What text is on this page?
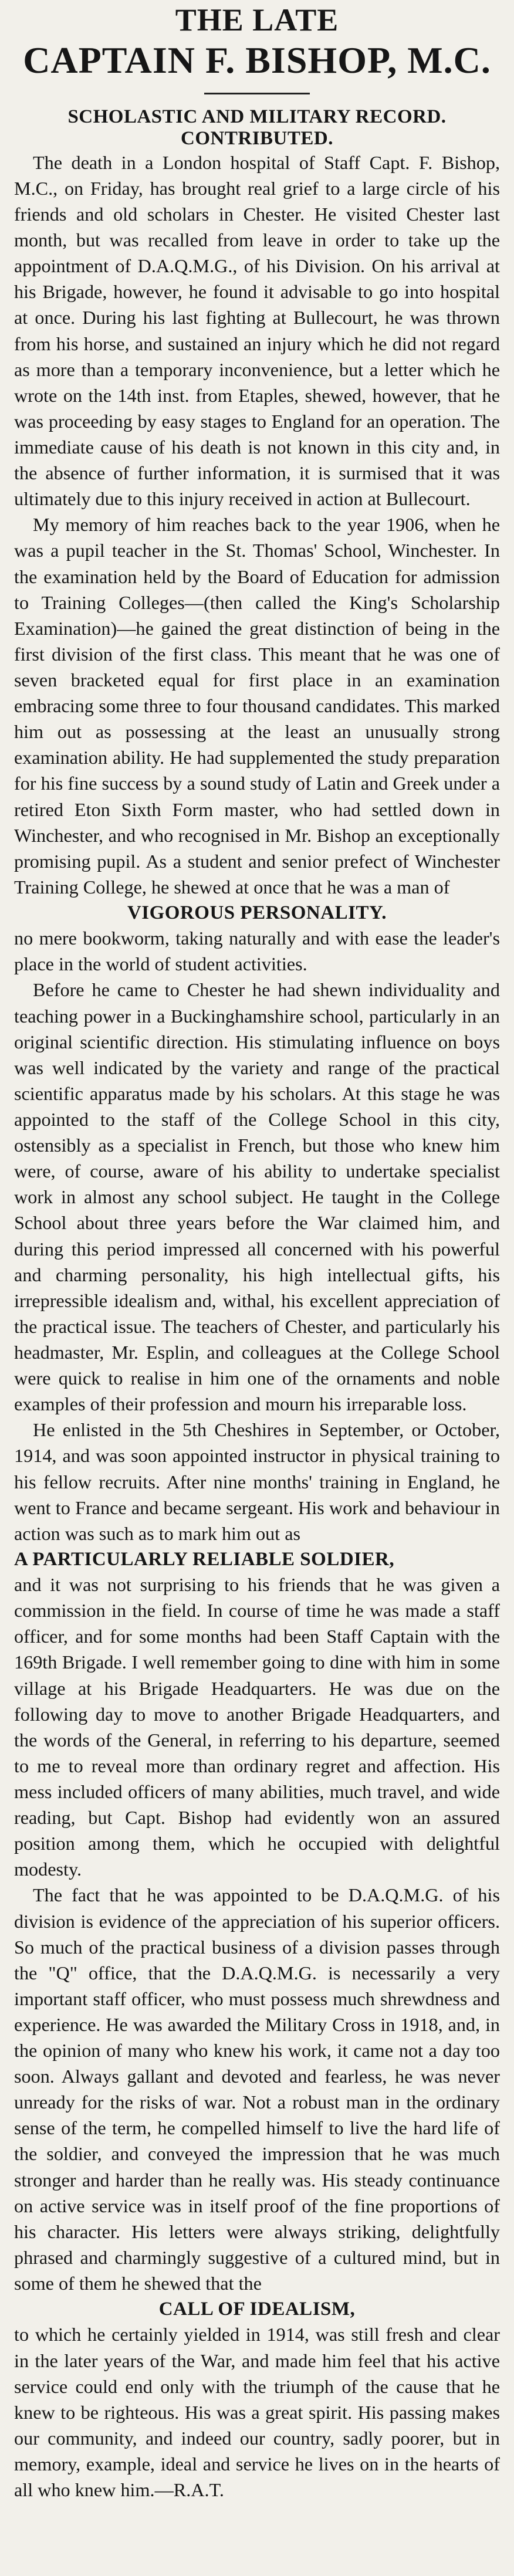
THE LATE
CAPTAIN F. BISHOP, M.C.
SCHOLASTIC AND MILITARY RECORD.
CONTRIBUTED.

The death in a London hospital of Staff Capt. F. Bishop, M.C., on Friday, has brought real grief to a large circle of his friends and old scholars in Chester. He visited Chester last month, but was recalled from leave in order to take up the appointment of D.A.Q.M.G., of his Division. On his arrival at his Brigade, however, he found it advisable to go into hospital at once. During his last fighting at Bullecourt, he was thrown from his horse, and sustained an injury which he did not regard as more than a temporary inconvenience, but a letter which he wrote on the 14th inst. from Etaples, shewed, however, that he was proceeding by easy stages to England for an operation. The immediate cause of his death is not known in this city and, in the absence of further information, it is surmised that it was ultimately due to this injury received in action at Bullecourt.

My memory of him reaches back to the year 1906, when he was a pupil teacher in the St. Thomas' School, Winchester. In the examination held by the Board of Education for admission to Training Colleges—(then called the King's Scholarship Examination)—he gained the great distinction of being in the first division of the first class. This meant that he was one of seven bracketed equal for first place in an examination embracing some three to four thousand candidates. This marked him out as possessing at the least an unusually strong examination ability. He had supplemented the study preparation for his fine success by a sound study of Latin and Greek under a retired Eton Sixth Form master, who had settled down in Winchester, and who recognised in Mr. Bishop an exceptionally promising pupil. As a student and senior prefect of Winchester Training College, he shewed at once that he was a man of

VIGOROUS PERSONALITY.

no mere bookworm, taking naturally and with ease the leader's place in the world of student activities.

Before he came to Chester he had shewn individuality and teaching power in a Buckinghamshire school, particularly in an original scientific direction. His stimulating influence on boys was well indicated by the variety and range of the practical scientific apparatus made by his scholars. At this stage he was appointed to the staff of the College School in this city, ostensibly as a specialist in French, but those who knew him were, of course, aware of his ability to undertake specialist work in almost any school subject. He taught in the College School about three years before the War claimed him, and during this period impressed all concerned with his powerful and charming personality, his high intellectual gifts, his irrepressible idealism and, withal, his excellent appreciation of the practical issue. The teachers of Chester, and particularly his headmaster, Mr. Esplin, and colleagues at the College School were quick to realise in him one of the ornaments and noble examples of their profession and mourn his irreparable loss.

He enlisted in the 5th Cheshires in September, or October, 1914, and was soon appointed instructor in physical training to his fellow recruits. After nine months' training in England, he went to France and became sergeant. His work and behaviour in action was such as to mark him out as

A PARTICULARLY RELIABLE SOLDIER,

and it was not surprising to his friends that he was given a commission in the field. In course of time he was made a staff officer, and for some months had been Staff Captain with the 169th Brigade. I well remember going to dine with him in some village at his Brigade Headquarters. He was due on the following day to move to another Brigade Headquarters, and the words of the General, in referring to his departure, seemed to me to reveal more than ordinary regret and affection. His mess included officers of many abilities, much travel, and wide reading, but Capt. Bishop had evidently won an assured position among them, which he occupied with delightful modesty.

The fact that he was appointed to be D.A.Q.M.G. of his division is evidence of the appreciation of his superior officers. So much of the practical business of a division passes through the "Q" office, that the D.A.Q.M.G. is necessarily a very important staff officer, who must possess much shrewdness and experience. He was awarded the Military Cross in 1918, and, in the opinion of many who knew his work, it came not a day too soon. Always gallant and devoted and fearless, he was never unready for the risks of war. Not a robust man in the ordinary sense of the term, he compelled himself to live the hard life of the soldier, and conveyed the impression that he was much stronger and harder than he really was. His steady continuance on active service was in itself proof of the fine proportions of his character. His letters were always striking, delightfully phrased and charmingly suggestive of a cultured mind, but in some of them he shewed that the

CALL OF IDEALISM,

to which he certainly yielded in 1914, was still fresh and clear in the later years of the War, and made him feel that his active service could end only with the triumph of the cause that he knew to be righteous. His was a great spirit. His passing makes our community, and indeed our country, sadly poorer, but in memory, example, ideal and service he lives on in the hearts of all who knew him.—R.A.T.
